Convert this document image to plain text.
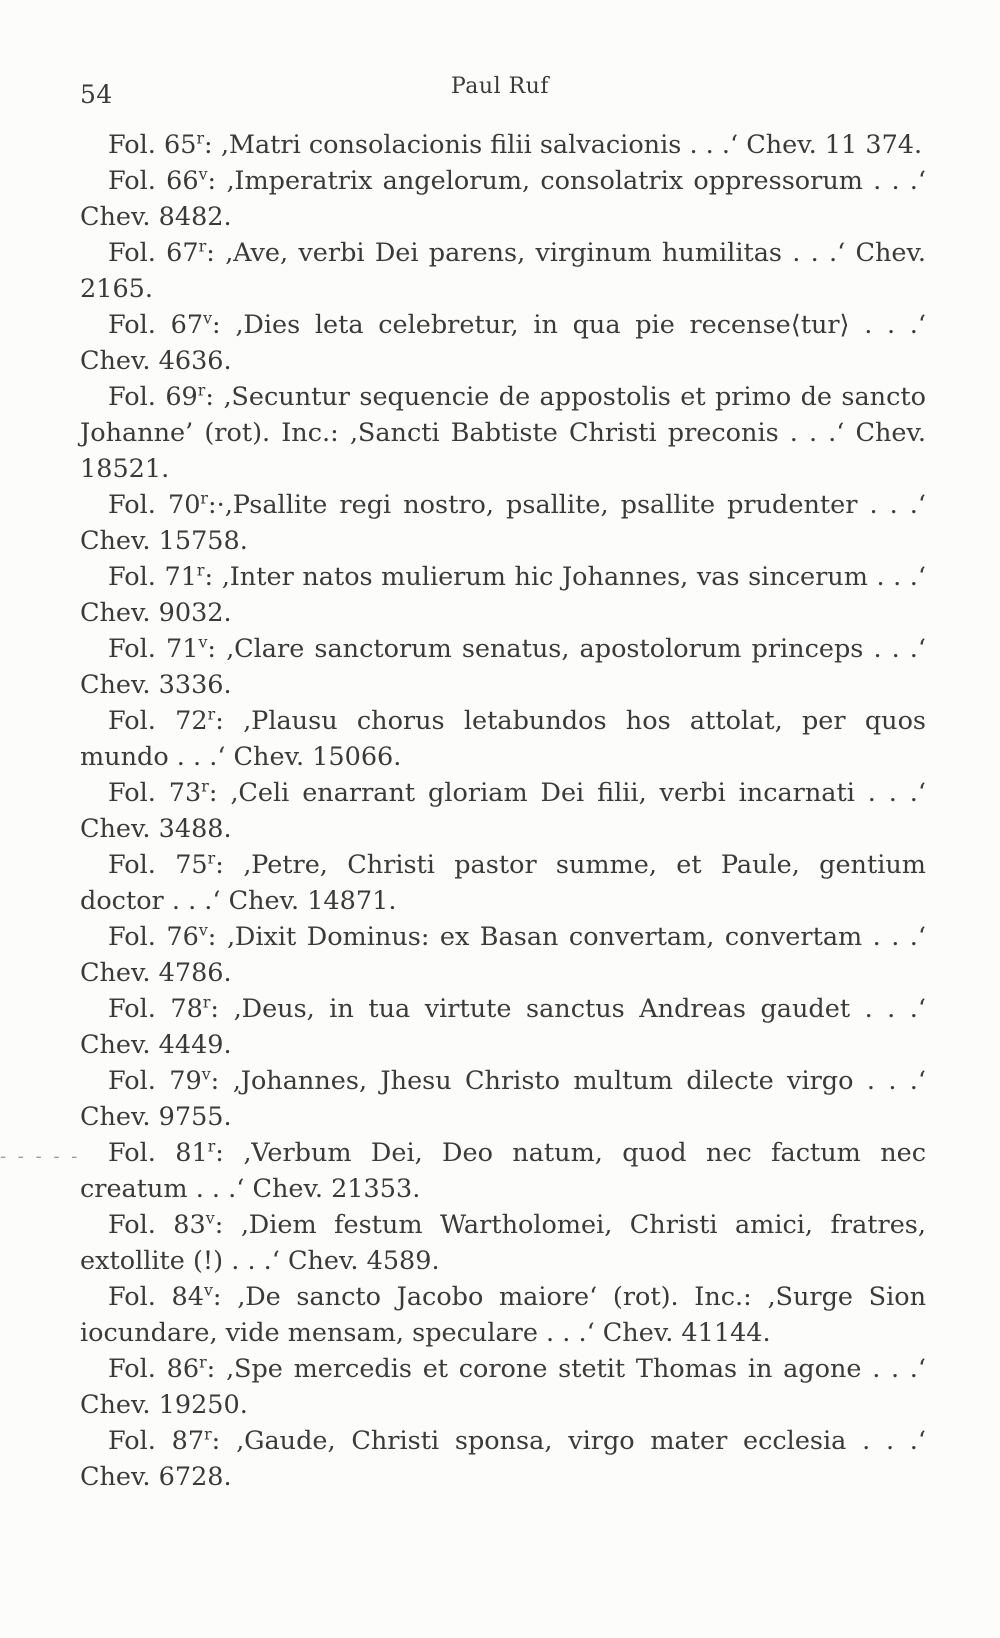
54	Paul Ruf
- - - - -

Fol. 65$^r$: ‚Matri consolacionis filii salvacionis . . .‘ Chev. 11 374.

Fol. 66$^v$: ‚Imperatrix angelorum, consolatrix oppressorum . . .‘ Chev. 8482.

Fol. 67$^r$: ‚Ave, verbi Dei parens, virginum humilitas . . .‘ Chev. 2165.

Fol. 67$^v$: ‚Dies leta celebretur, in qua pie recense⟨tur⟩ . . .‘ Chev. 4636.

Fol. 69$^r$: ‚Secuntur sequencie de appostolis et primo de sancto Johanne’ (rot). Inc.: ‚Sancti Babtiste Christi preconis . . .‘ Chev. 18521.

Fol. $70^r:\cdot‚Psallite$ regi nostro, psallite, psallite prudenter . . .‘ Chev. 15758.

Fol. 71$^r$: ‚Inter natos mulierum hic Johannes, vas sincerum . . .‘ Chev. 9032.

Fol. 71$^v$: ‚Clare sanctorum senatus, apostolorum princeps . . .‘ Chev. 3336.

Fol. 72$^r$: ‚Plausu chorus letabundos hos attolat, per quos mundo . . .‘ Chev. 15066.

Fol. 73$^r$: ‚Celi enarrant gloriam Dei filii, verbi incarnati . . .‘ Chev. 3488.

Fol. 75$^r$: ‚Petre, Christi pastor summe, et Paule, gentium doctor . . .‘ Chev. 14871.

Fol. 76$^v$: ‚Dixit Dominus: ex Basan convertam, convertam . . .‘ Chev. 4786.

Fol. 78$^r$: ‚Deus, in tua virtute sanctus Andreas gaudet . . .‘ Chev. 4449.

Fol. 79$^v$: ‚Johannes, Jhesu Christo multum dilecte virgo . . .‘ Chev. 9755.

Fol. 81$^r$: ‚Verbum Dei, Deo natum, quod nec factum nec creatum . . .‘ Chev. 21353.

Fol. 83$^v$: ‚Diem festum Wartholomei, Christi amici, fratres, extollite (!) . . .‘ Chev. 4589.

Fol. 84$^v$: ‚De sancto Jacobo maiore‘ (rot). Inc.: ‚Surge Sion iocundare, vide mensam, speculare . . .‘ Chev. 41144.

Fol. 86$^r$: ‚Spe mercedis et corone stetit Thomas in agone . . .‘ Chev. 19250.

Fol. 87$^r$: ‚Gaude, Christi sponsa, virgo mater ecclesia . . .‘ Chev. 6728.
